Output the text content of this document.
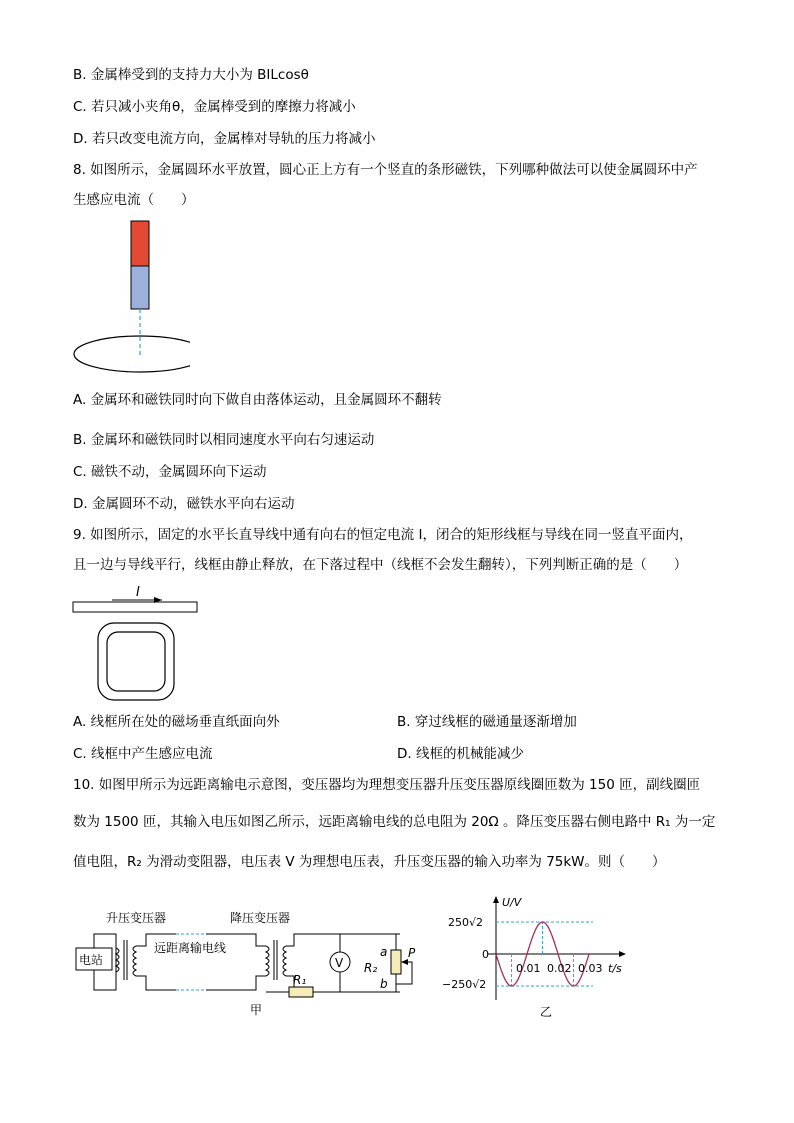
B. 金属棒受到的支持力大小为 BILcosθ
C. 若只减小夹角θ，金属棒受到的摩擦力将减小
D. 若只改变电流方向，金属棒对导轨的压力将减小
8. 如图所示，金属圆环水平放置，圆心正上方有一个竖直的条形磁铁，下列哪种做法可以使金属圆环中产
生感应电流（　　）
A. 金属环和磁铁同时向下做自由落体运动，且金属圆环不翻转
B. 金属环和磁铁同时以相同速度水平向右匀速运动
C. 磁铁不动，金属圆环向下运动
D. 金属圆环不动，磁铁水平向右运动
9. 如图所示，固定的水平长直导线中通有向右的恒定电流 I，闭合的矩形线框与导线在同一竖直平面内，
且一边与导线平行，线框由静止释放，在下落过程中（线框不会发生翻转），下列判断正确的是（　　）
I
A. 线框所在处的磁场垂直纸面向外	B. 穿过线框的磁通量逐渐增加
C. 线框中产生感应电流	D. 线框的机械能减少
10. 如图甲所示为远距离输电示意图，变压器均为理想变压器升压变压器原线圈匝数为 150 匝，副线圈匝
数为 1500 匝，其输入电压如图乙所示，远距离输电线的总电阻为 20Ω 。降压变压器右侧电路中 R₁ 为一定
值电阻，R₂ 为滑动变阻器，电压表 V 为理想电压表，升压变压器的输入功率为 75kW。则（　　）
升压变压器	降压变压器
电站
远距离输电线
R₁
V R₂
a
b
P
甲
U/V
t/s
0
250√2
−250√2
0.01 0.02 0.03
乙
